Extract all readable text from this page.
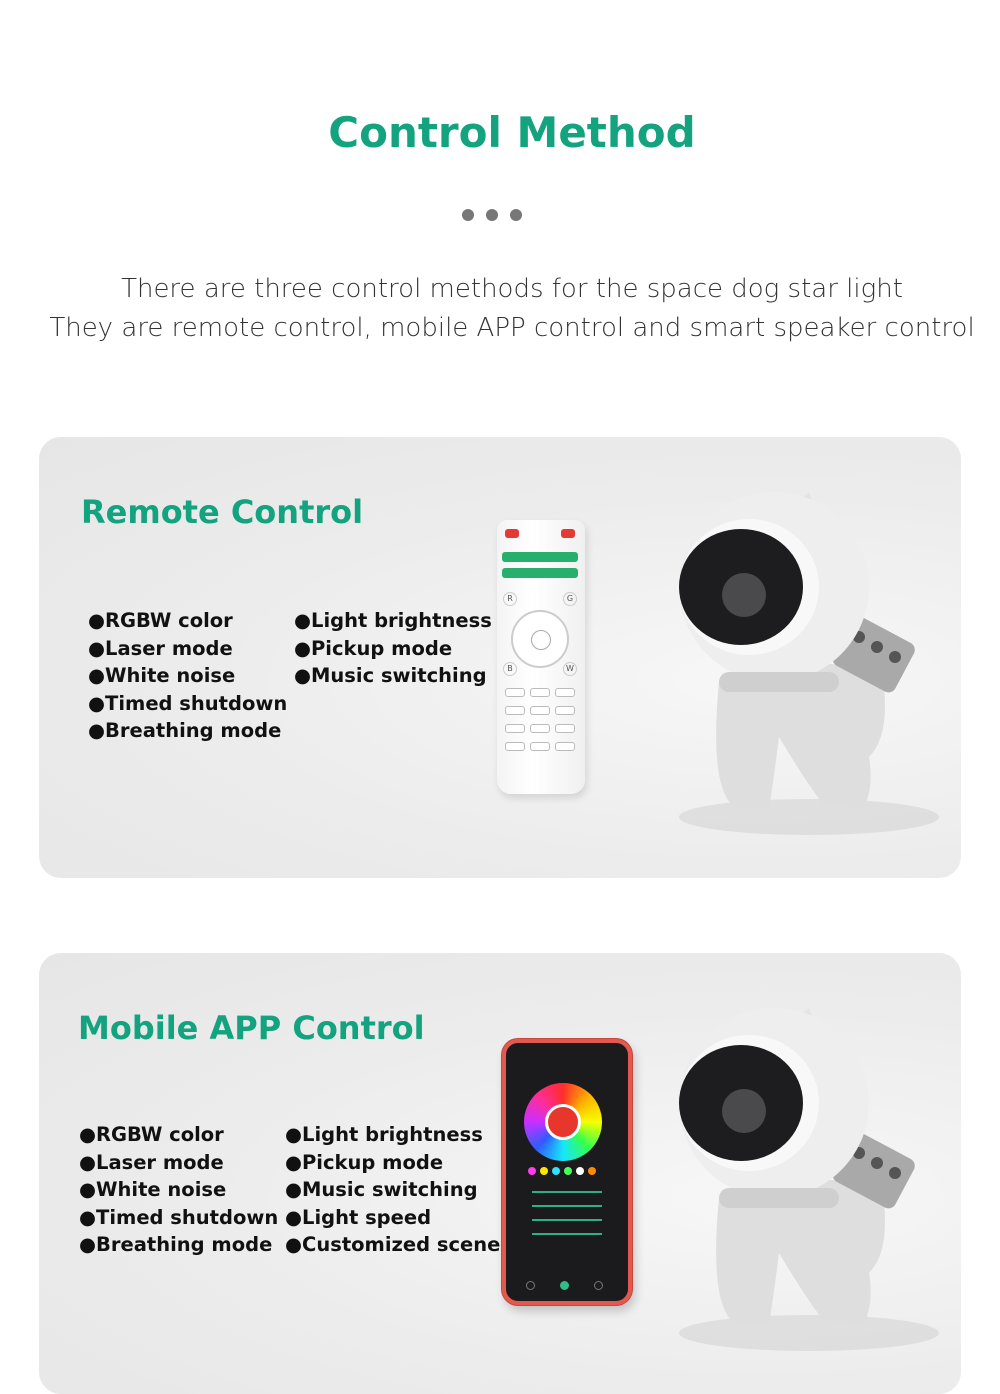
Control Method
There are three control methods for the space dog star light
They are remote control, mobile APP control and smart speaker control
Remote Control
●RGBW color
●Laser mode
●White noise
●Timed shutdown
●Breathing mode
●Light brightness
●Pickup mode
●Music switching
R	G
B	W
Mobile APP Control
●RGBW color
●Laser mode
●White noise
●Timed shutdown
●Breathing mode
●Light brightness
●Pickup mode
●Music switching
●Light speed
●Customized scene
